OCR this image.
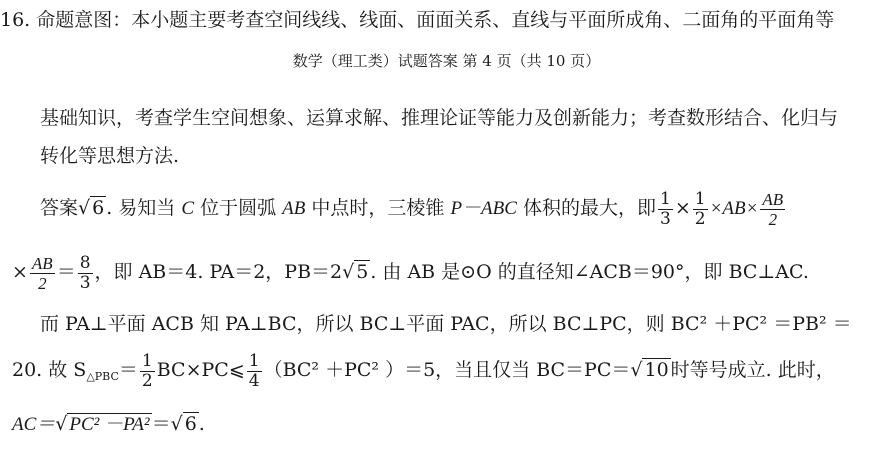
16. 命题意图：本小题主要考查空间线线、线面、面面关系、直线与平面所成角、二面角的平面角等
数学（理工类）试题答案 第 4 页（共 10 页）
基础知识，考查学生空间想象、运算求解、推理论证等能力及创新能力；考查数形结合、化归与
转化等思想方法.
答案√ 6 . 易知当 C 位于圆弧 AB 中点时，三棱锥 P－ABC 体积的最大，即 $\frac{1}{3} \times \frac{1}{2} \times AB\times \frac{AB}{2}$
× $\frac{AB}{2} = \frac{8}{3}$ ，即 AB＝4. PA＝2，PB＝2√ 5 . 由 AB 是⊙O 的直径知∠ACB＝90°，即 BC⊥AC.
而 PA⊥平面 ACB 知 PA⊥BC，所以 BC⊥平面 PAC，所以 BC⊥PC，则 BC² ＋PC² ＝PB² ＝
20. 故 $S_{\triangle PBC}= \frac{1}{2}$ BC×PC⩽ $\frac{1}{4} (BC^2 +PC^2$ ）＝5，当且仅当 BC＝PC＝√ 10 时等号成立. 此时，
AC＝√ PC² －PA² ＝√ 6 .
